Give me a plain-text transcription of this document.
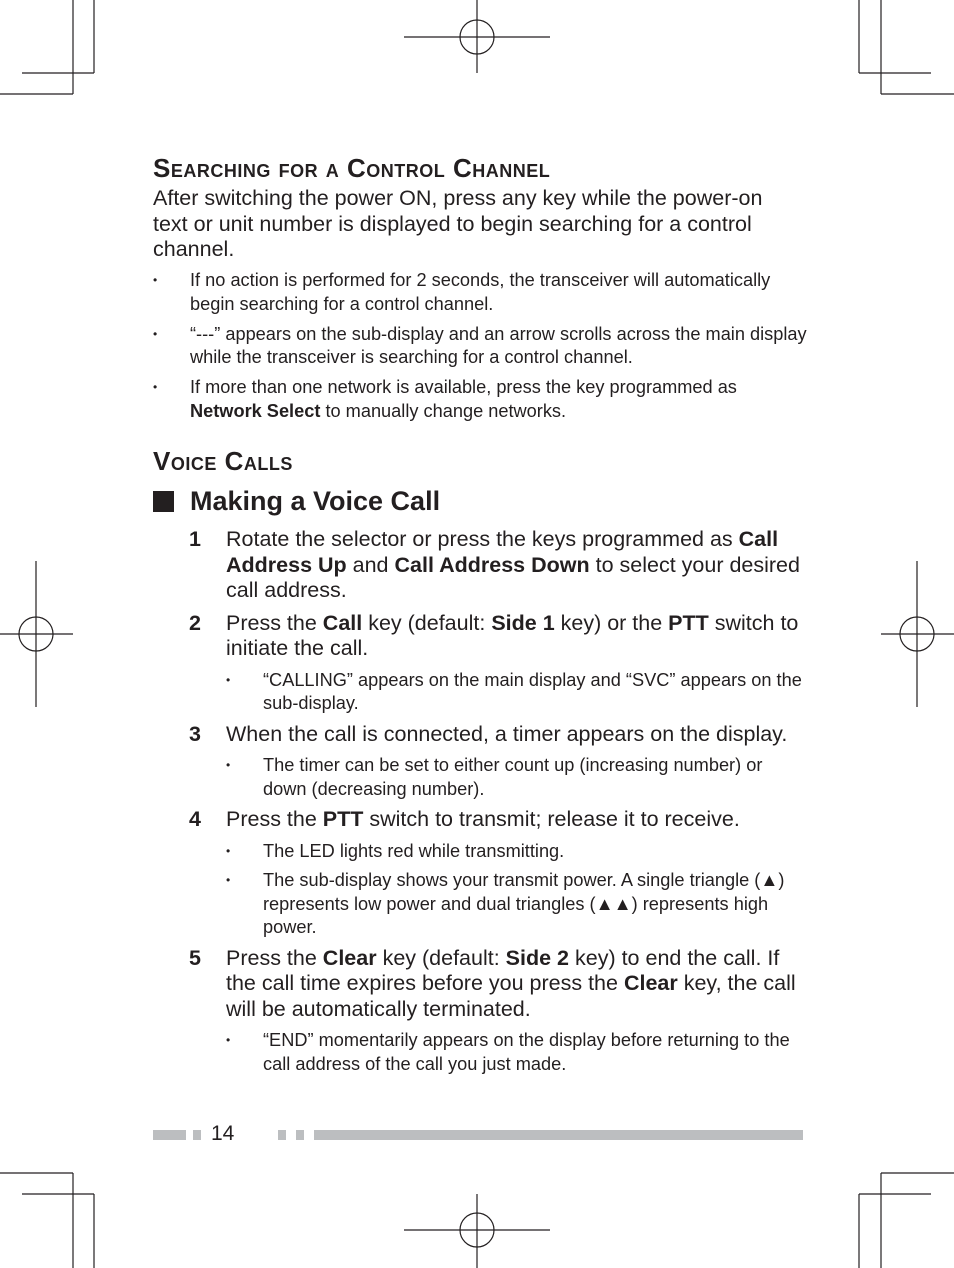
Searching for a Control Channel

After switching the power ON, press any key while the power-on text or unit number is displayed to begin searching for a control channel.

• If no action is performed for 2 seconds, the transceiver will automatically begin searching for a control channel.
• “---” appears on the sub-display and an arrow scrolls across the main display while the transceiver is searching for a control channel.
• If more than one network is available, press the key programmed as Network Select to manually change networks.
Voice Calls
Making a Voice Call
1 Rotate the selector or press the keys programmed as Call Address Up and Call Address Down to select your desired call address.

2 Press the Call key (default: Side 1 key) or the PTT switch to initiate the call.

• “CALLING” appears on the main display and “SVC” appears on the sub-display.
3 When the call is connected, a timer appears on the display.

• The timer can be set to either count up (increasing number) or down (decreasing number).
4 Press the PTT switch to transmit; release it to receive.

• The LED lights red while transmitting.
• The sub-display shows your transmit power. A single triangle (▲) represents low power and dual triangles (▲▲) represents high power.
5 Press the Clear key (default: Side 2 key) to end the call. If the call time expires before you press the Clear key, the call will be automatically terminated.

• “END” momentarily appears on the display before returning to the call address of the call you just made.
14
